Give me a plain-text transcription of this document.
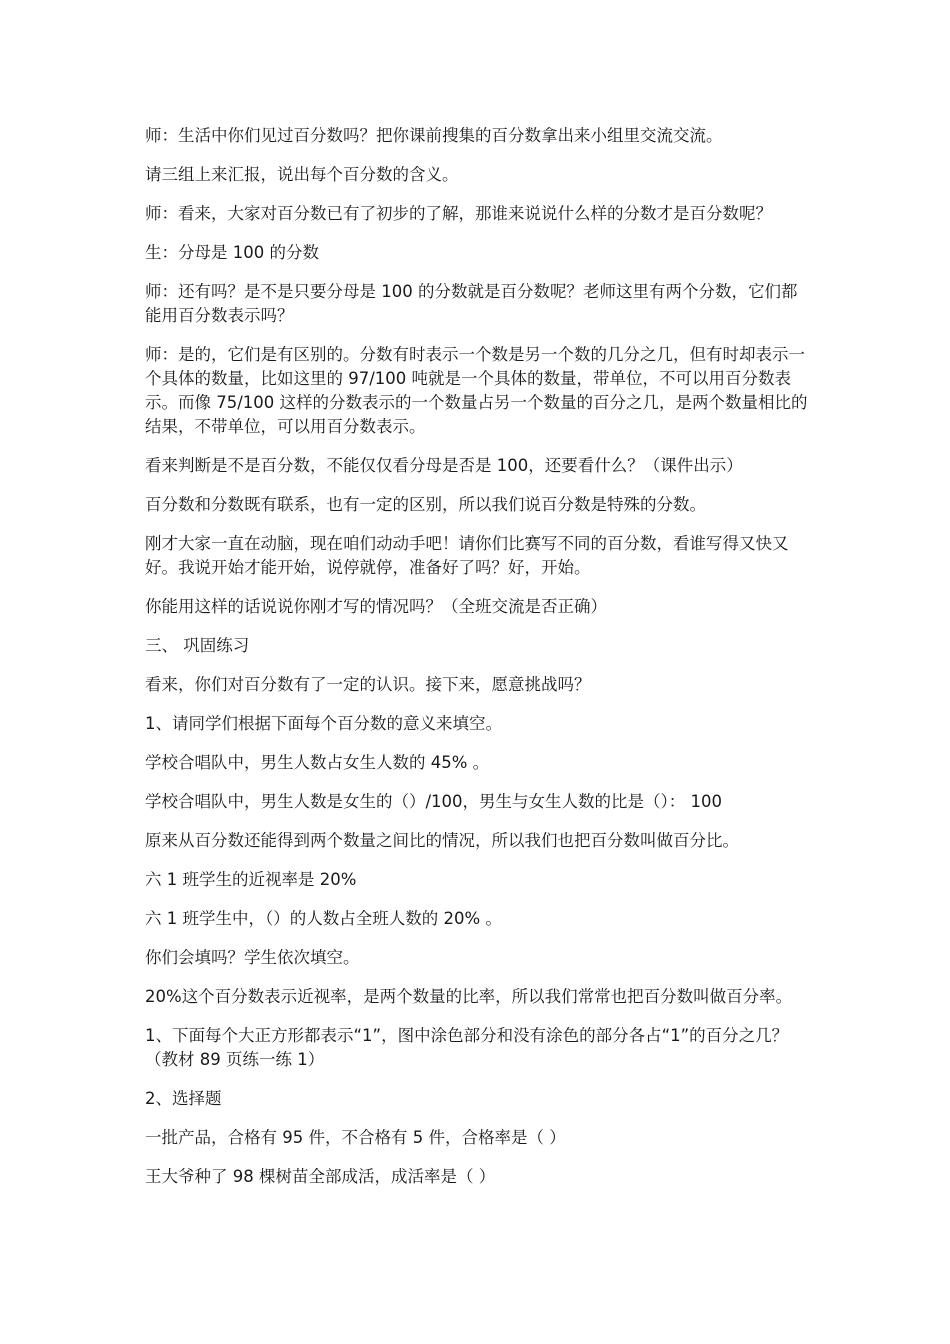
师：生活中你们见过百分数吗？把你课前搜集的百分数拿出来小组里交流交流。

请三组上来汇报，说出每个百分数的含义。

师：看来，大家对百分数已有了初步的了解，那谁来说说什么样的分数才是百分数呢？

生：分母是 100 的分数

师：还有吗？是不是只要分母是 100 的分数就是百分数呢？老师这里有两个分数，它们都能用百分数表示吗？

师：是的，它们是有区别的。分数有时表示一个数是另一个数的几分之几，但有时却表示一个具体的数量，比如这里的 97/100 吨就是一个具体的数量，带单位，不可以用百分数表示。而像 75/100 这样的分数表示的一个数量占另一个数量的百分之几，是两个数量相比的结果，不带单位，可以用百分数表示。

看来判断是不是百分数，不能仅仅看分母是否是 100，还要看什么？（课件出示）

百分数和分数既有联系，也有一定的区别，所以我们说百分数是特殊的分数。

刚才大家一直在动脑，现在咱们动动手吧！请你们比赛写不同的百分数，看谁写得又快又好。我说开始才能开始，说停就停，准备好了吗？好，开始。

你能用这样的话说说你刚才写的情况吗？（全班交流是否正确）

三、 巩固练习

看来，你们对百分数有了一定的认识。接下来，愿意挑战吗？

1、请同学们根据下面每个百分数的意义来填空。

学校合唱队中，男生人数占女生人数的 45% 。

学校合唱队中，男生人数是女生的（）/100，男生与女生人数的比是（）： 100

原来从百分数还能得到两个数量之间比的情况，所以我们也把百分数叫做百分比。

六 1 班学生的近视率是 20%

六 1 班学生中，（）的人数占全班人数的 20% 。

你们会填吗？学生依次填空。

20%这个百分数表示近视率，是两个数量的比率，所以我们常常也把百分数叫做百分率。

1、下面每个大正方形都表示“1”，图中涂色部分和没有涂色的部分各占“1”的百分之几？（教材 89 页练一练 1）

2、选择题

一批产品，合格有 95 件，不合格有 5 件，合格率是（ ）

王大爷种了 98 棵树苗全部成活，成活率是（ ）
